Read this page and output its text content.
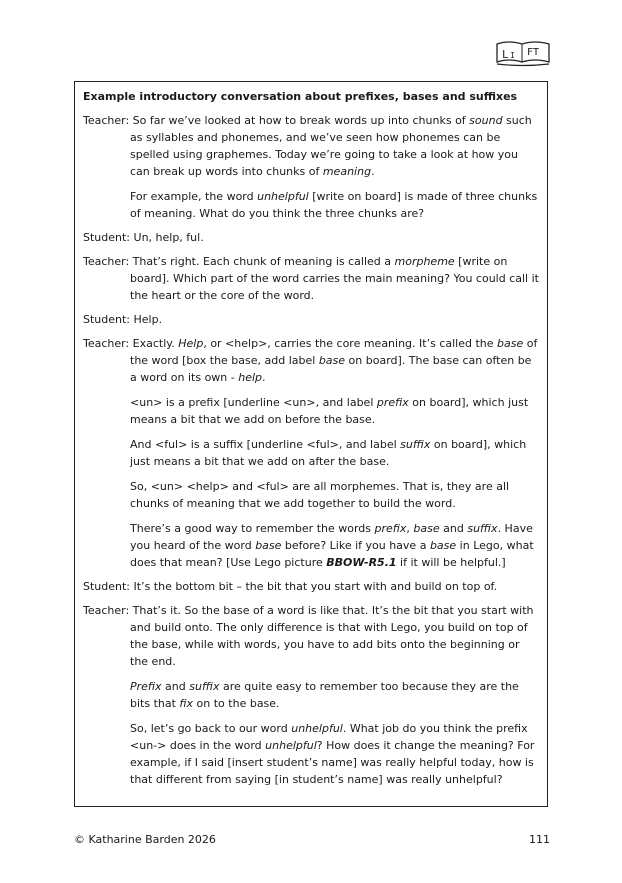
L I FT

Example introductory conversation about prefixes, bases and suffixes

Teacher: So far we’ve looked at how to break words up into chunks of sound such as syllables and phonemes, and we’ve seen how phonemes can be spelled using graphemes. Today we’re going to take a look at how you can break up words into chunks of meaning.

For example, the word unhelpful [write on board] is made of three chunks of meaning. What do you think the three chunks are?

Student: Un, help, ful.

Teacher: That’s right. Each chunk of meaning is called a morpheme [write on board]. Which part of the word carries the main meaning? You could call it the heart or the core of the word.

Student: Help.

Teacher: Exactly. Help, or <help>, carries the core meaning. It’s called the base of the word [box the base, add label base on board]. The base can often be a word on its own - help.

<un> is a prefix [underline <un>, and label prefix on board], which just means a bit that we add on before the base.

And <ful> is a suffix [underline <ful>, and label suffix on board], which just means a bit that we add on after the base.

So, <un> <help> and <ful> are all morphemes. That is, they are all chunks of meaning that we add together to build the word.

There’s a good way to remember the words prefix, base and suffix. Have you heard of the word base before? Like if you have a base in Lego, what does that mean? [Use Lego picture BBOW-R5.1 if it will be helpful.]

Student: It’s the bottom bit – the bit that you start with and build on top of.

Teacher: That’s it. So the base of a word is like that. It’s the bit that you start with and build onto. The only difference is that with Lego, you build on top of the base, while with words, you have to add bits onto the beginning or the end.

Prefix and suffix are quite easy to remember too because they are the bits that fix on to the base.

So, let’s go back to our word unhelpful. What job do you think the prefix <un-> does in the word unhelpful? How does it change the meaning? For example, if I said [insert student’s name] was really helpful today, how is that different from saying [in student’s name] was really unhelpful?

© Katharine Barden 2026	111
